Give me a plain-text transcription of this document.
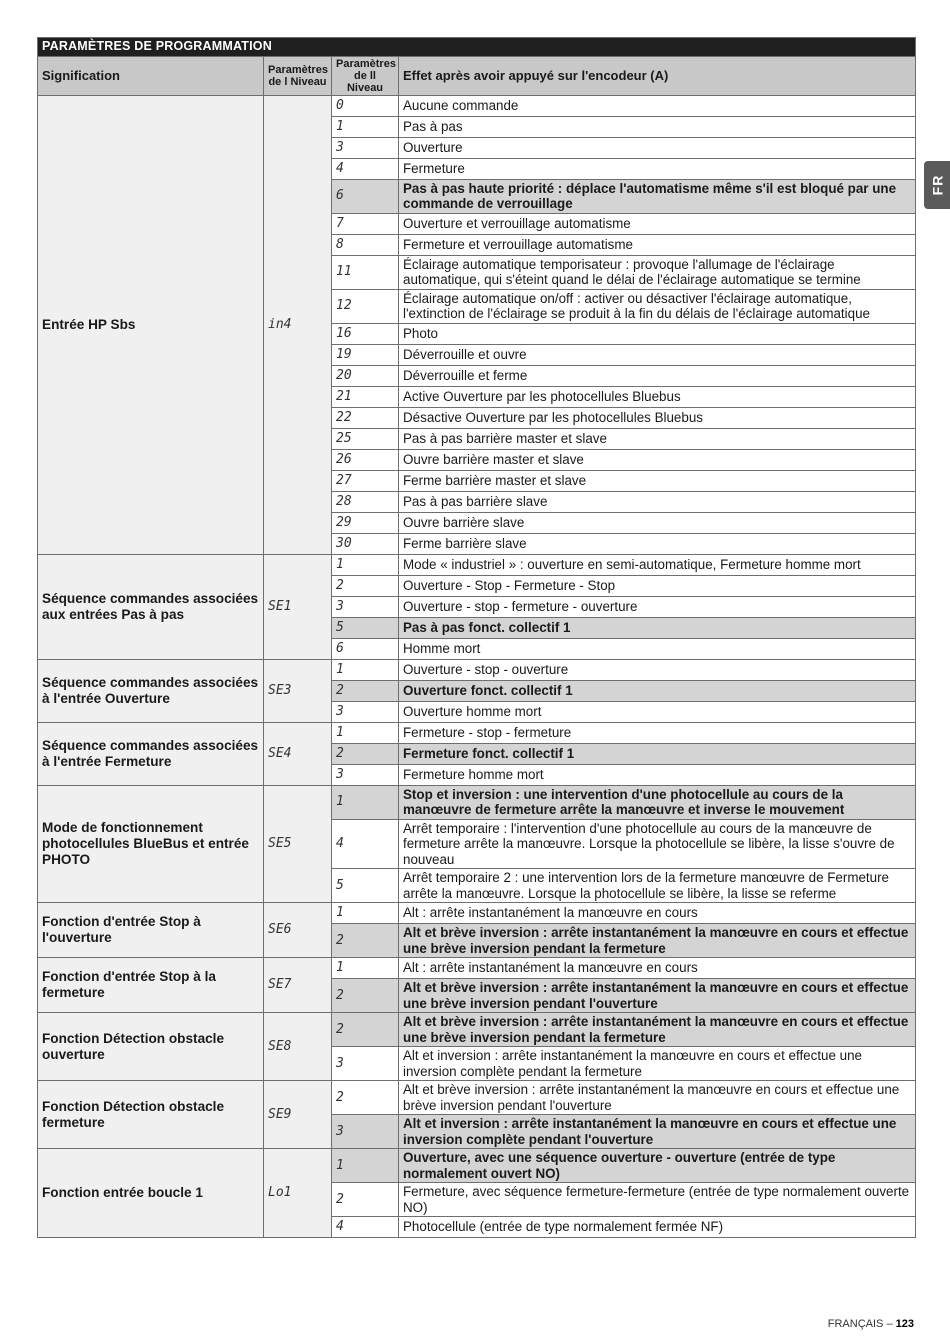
PARAMÈTRES DE PROGRAMMATION			
Signification	Paramètres de l Niveau	Paramètres de ll Niveau	Effet après avoir appuyé sur l'encodeur (A)
Entrée HP Sbs	in4	0	Aucune commande
		1	Pas à pas
		3	Ouverture
		4	Fermeture
		6	Pas à pas haute priorité : déplace l'automatisme même s'il est bloqué par une commande de verrouillage
		7	Ouverture et verrouillage automatisme
		8	Fermeture et verrouillage automatisme
		11	Éclairage automatique temporisateur : provoque l'allumage de l'éclairage automatique, qui s'éteint quand le délai de l'éclairage automatique se termine
		12	Éclairage automatique on/off : activer ou désactiver l'éclairage automatique, l'extinction de l'éclairage se produit à la fin du délais de l'éclairage automatique
		16	Photo
		19	Déverrouille et ouvre
		20	Déverrouille et ferme
		21	Active Ouverture par les photocellules Bluebus
		22	Désactive Ouverture par les photocellules Bluebus
		25	Pas à pas barrière master et slave
		26	Ouvre barrière master et slave
		27	Ferme barrière master et slave
		28	Pas à pas barrière slave
		29	Ouvre barrière slave
		30	Ferme barrière slave
Séquence commandes associées aux entrées Pas à pas	SE1	1	Mode « industriel » : ouverture en semi-automatique, Fermeture homme mort
		2	Ouverture - Stop - Fermeture - Stop
		3	Ouverture - stop - fermeture - ouverture
		5	Pas à pas fonct. collectif 1
		6	Homme mort
Séquence commandes associées à l'entrée Ouverture	SE3	1	Ouverture - stop - ouverture
		2	Ouverture fonct. collectif 1
		3	Ouverture homme mort
Séquence commandes associées à l'entrée Fermeture	SE4	1	Fermeture - stop - fermeture
		2	Fermeture fonct. collectif 1
		3	Fermeture homme mort
Mode de fonctionnement photocellules BlueBus et entrée PHOTO	SE5	1	Stop et inversion : une intervention d'une photocellule au cours de la manœuvre de fermeture arrête la manœuvre et inverse le mouvement
		4	Arrêt temporaire : l'intervention d'une photocellule au cours de la manœuvre de fermeture arrête la manœuvre. Lorsque la photocellule se libère, la lisse s'ouvre de nouveau
		5	Arrêt temporaire 2 : une intervention lors de la fermeture manœuvre de Fermeture arrête la manœuvre. Lorsque la photocellule se libère, la lisse se referme
Fonction d'entrée Stop à l'ouverture	SE6	1	Alt : arrête instantanément la manœuvre en cours
		2	Alt et brève inversion : arrête instantanément la manœuvre en cours et effectue une brève inversion pendant la fermeture
Fonction d'entrée Stop à la fermeture	SE7	1	Alt : arrête instantanément la manœuvre en cours
		2	Alt et brève inversion : arrête instantanément la manœuvre en cours et effectue une brève inversion pendant l'ouverture
Fonction Détection obstacle ouverture	SE8	2	Alt et brève inversion : arrête instantanément la manœuvre en cours et effectue une brève inversion pendant la fermeture
		3	Alt et inversion : arrête instantanément la manœuvre en cours et effectue une inversion complète pendant la fermeture
Fonction Détection obstacle fermeture	SE9	2	Alt et brève inversion : arrête instantanément la manœuvre en cours et effectue une brève inversion pendant l'ouverture
		3	Alt et inversion : arrête instantanément la manœuvre en cours et effectue une inversion complète pendant l'ouverture
Fonction entrée boucle 1	Lo1	1	Ouverture, avec une séquence ouverture - ouverture (entrée de type normalement ouvert NO)
		2	Fermeture, avec séquence fermeture-fermeture (entrée de type normalement ouverte NO)
		4	Photocellule (entrée de type normalement fermée NF)
FR
FRANÇAIS – 123
